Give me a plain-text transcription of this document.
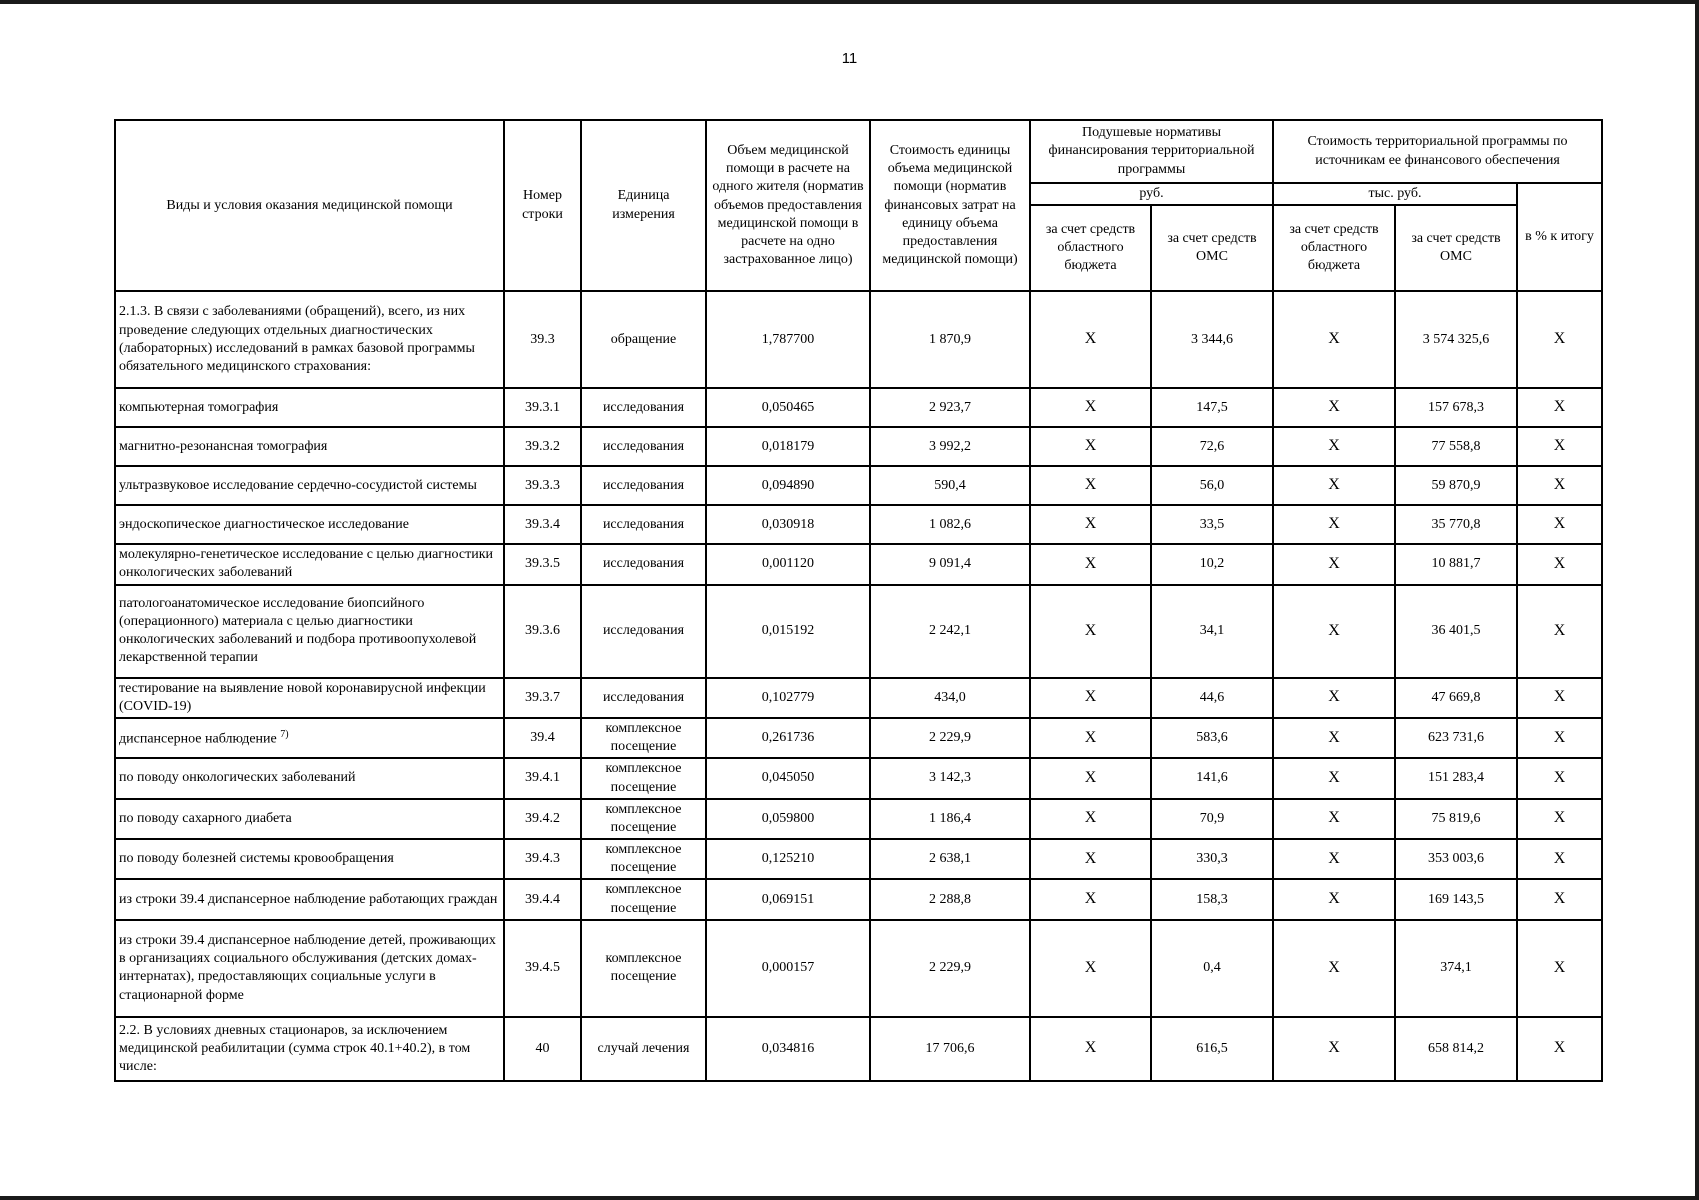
11
Виды и условия оказания медицинской помощи	Номер строки	Единица измерения	Объем медицинской помощи в расчете на одного жителя (норматив объемов предоставления медицинской помощи в расчете на одно застрахованное лицо)	Стоимость единицы объема медицинской помощи (норматив финансовых затрат на единицу объема предоставления медицинской помощи)	Подушевые нормативы финансирования территориальной программы		Стоимость территориальной программы по источникам ее финансового обеспечения		
					руб.		тыс. руб.		в % к итогу
					за счет средств областного бюджета	за счет средств ОМС	за счет средств областного бюджета	за счет средств ОМС	
2.1.3. В связи с заболеваниями (обращений), всего, из них проведение следующих отдельных диагностических (лабораторных) исследований в рамках базовой программы обязательного медицинского страхования:	39.3	обращение	1,787700	1 870,9	Х	3 344,6	Х	3 574 325,6	Х
компьютерная томография	39.3.1	исследования	0,050465	2 923,7	Х	147,5	Х	157 678,3	Х
магнитно-резонансная томография	39.3.2	исследования	0,018179	3 992,2	Х	72,6	Х	77 558,8	Х
ультразвуковое исследование сердечно-сосудистой системы	39.3.3	исследования	0,094890	590,4	Х	56,0	Х	59 870,9	Х
эндоскопическое диагностическое исследование	39.3.4	исследования	0,030918	1 082,6	Х	33,5	Х	35 770,8	Х
молекулярно-генетическое исследование с целью диагностики онкологических заболеваний	39.3.5	исследования	0,001120	9 091,4	Х	10,2	Х	10 881,7	Х
патологоанатомическое исследование биопсийного (операционного) материала с целью диагностики онкологических заболеваний и подбора противоопухолевой лекарственной терапии	39.3.6	исследования	0,015192	2 242,1	Х	34,1	Х	36 401,5	Х
тестирование на выявление новой коронавирусной инфекции (COVID-19)	39.3.7	исследования	0,102779	434,0	Х	44,6	Х	47 669,8	Х
диспансерное наблюдение $^{7)}$	39.4	комплексное посещение	0,261736	2 229,9	Х	583,6	Х	623 731,6	Х
по поводу онкологических заболеваний	39.4.1	комплексное посещение	0,045050	3 142,3	Х	141,6	Х	151 283,4	Х
по поводу сахарного диабета	39.4.2	комплексное посещение	0,059800	1 186,4	Х	70,9	Х	75 819,6	Х
по поводу болезней системы кровообращения	39.4.3	комплексное посещение	0,125210	2 638,1	Х	330,3	Х	353 003,6	Х
из строки 39.4 диспансерное наблюдение работающих граждан	39.4.4	комплексное посещение	0,069151	2 288,8	Х	158,3	Х	169 143,5	Х
из строки 39.4 диспансерное наблюдение детей, проживающих в организациях социального обслуживания (детских домах-интернатах), предоставляющих социальные услуги в стационарной форме	39.4.5	комплексное посещение	0,000157	2 229,9	Х	0,4	Х	374,1	Х
2.2. В условиях дневных стационаров, за исключением медицинской реабилитации (сумма строк 40.1+40.2), в том числе:	40	случай лечения	0,034816	17 706,6	Х	616,5	Х	658 814,2	Х
